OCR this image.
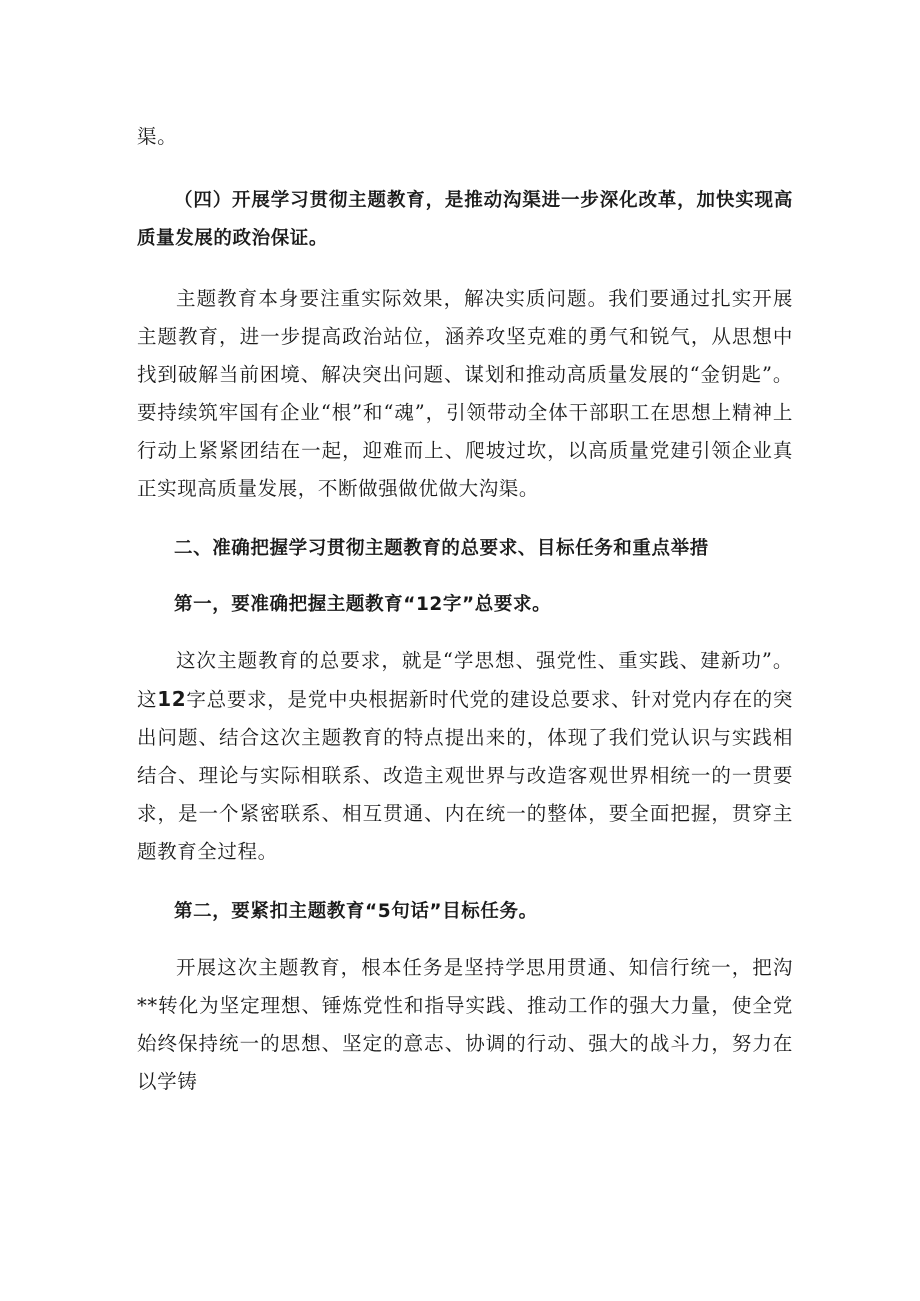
渠。

（四）开展学习贯彻主题教育，是推动沟渠进一步深化改革，加快实现高质量发展的政治保证。

主题教育本身要注重实际效果，解决实质问题。我们要通过扎实开展主题教育，进一步提高政治站位，涵养攻坚克难的勇气和锐气，从思想中找到破解当前困境、解决突出问题、谋划和推动高质量发展的“金钥匙”。要持续筑牢国有企业“根”和“魂”，引领带动全体干部职工在思想上精神上行动上紧紧团结在一起，迎难而上、爬坡过坎，以高质量党建引领企业真正实现高质量发展，不断做强做优做大沟渠。

二、准确把握学习贯彻主题教育的总要求、目标任务和重点举措

第一，要准确把握主题教育“12字”总要求。

这次主题教育的总要求，就是“学思想、强党性、重实践、建新功”。这12字总要求，是党中央根据新时代党的建设总要求、针对党内存在的突出问题、结合这次主题教育的特点提出来的，体现了我们党认识与实践相结合、理论与实际相联系、改造主观世界与改造客观世界相统一的一贯要求，是一个紧密联系、相互贯通、内在统一的整体，要全面把握，贯穿主题教育全过程。

第二，要紧扣主题教育“5句话”目标任务。

开展这次主题教育，根本任务是坚持学思用贯通、知信行统一，把沟**转化为坚定理想、锤炼党性和指导实践、推动工作的强大力量，使全党始终保持统一的思想、坚定的意志、协调的行动、强大的战斗力，努力在以学铸
